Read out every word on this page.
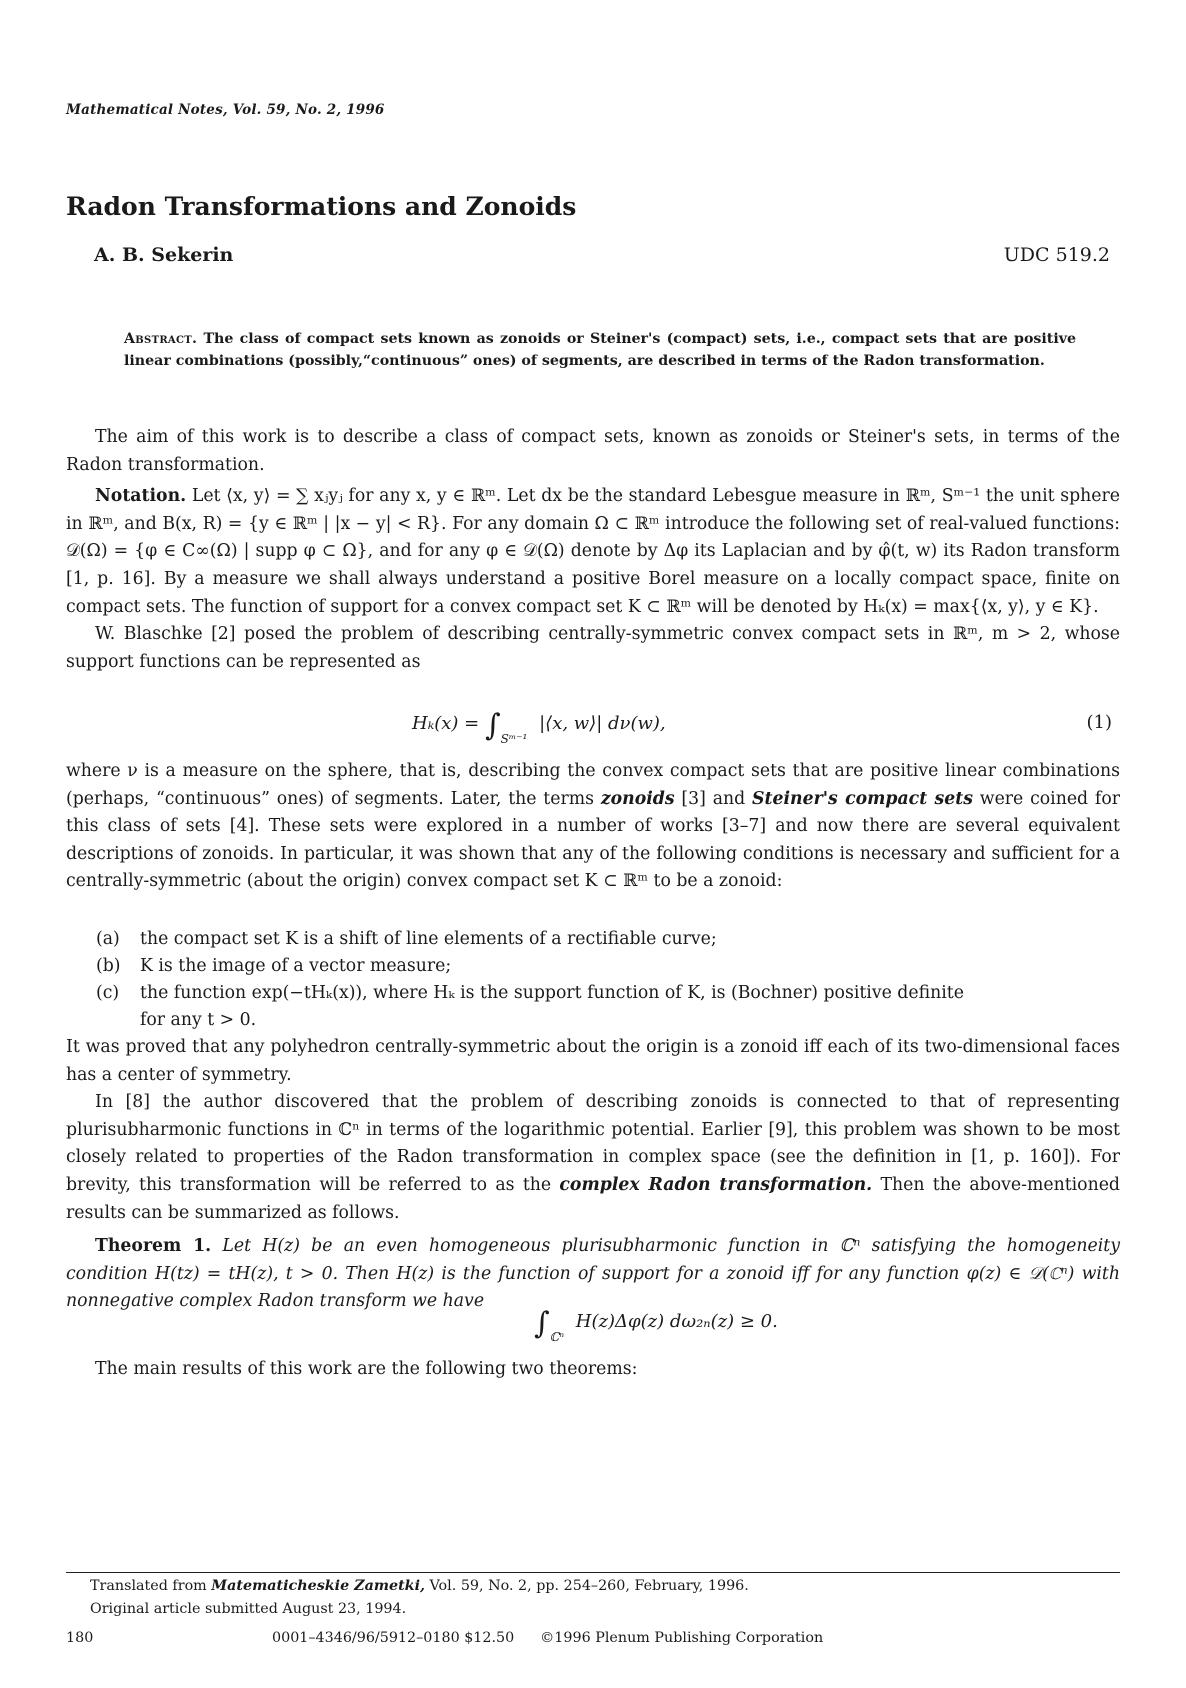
Mathematical Notes, Vol. 59, No. 2, 1996
Radon Transformations and Zonoids
A. B. Sekerin	UDC 519.2
Abstract. The class of compact sets known as zonoids or Steiner's (compact) sets, i.e., compact sets that are positive linear combinations (possibly,“continuous” ones) of segments, are described in terms of the Radon transformation.

The aim of this work is to describe a class of compact sets, known as zonoids or Steiner's sets, in terms of the Radon transformation.

Notation. Let ⟨x, y⟩ = ∑ xⱼyⱼ for any x, y ∈ ℝᵐ. Let dx be the standard Lebesgue measure in ℝᵐ, Sᵐ⁻¹ the unit sphere in ℝᵐ, and B(x, R) = {y ∈ ℝᵐ | |x − y| < R}. For any domain Ω ⊂ ℝᵐ introduce the following set of real-valued functions: 𝒟(Ω) = {φ ∈ C∞(Ω) | supp φ ⊂ Ω}, and for any φ ∈ 𝒟(Ω) denote by Δφ its Laplacian and by φ̂(t, w) its Radon transform [1, p. 16]. By a measure we shall always understand a positive Borel measure on a locally compact space, finite on compact sets. The function of support for a convex compact set K ⊂ ℝᵐ will be denoted by Hₖ(x) = max{⟨x, y⟩, y ∈ K}.

W. Blaschke [2] posed the problem of describing centrally-symmetric convex compact sets in ℝᵐ, m > 2, whose support functions can be represented as

$H_k(x) = \int_{Sᵐ^{-1}}$ |⟨x, w⟩| dν(w),	(1)

where ν is a measure on the sphere, that is, describing the convex compact sets that are positive linear combinations (perhaps, “continuous” ones) of segments. Later, the terms zonoids [3] and Steiner's compact sets were coined for this class of sets [4]. These sets were explored in a number of works [3–7] and now there are several equivalent descriptions of zonoids. In particular, it was shown that any of the following conditions is necessary and sufficient for a centrally-symmetric (about the origin) convex compact set K ⊂ ℝᵐ to be a zonoid:

(a) the compact set K is a shift of line elements of a rectifiable curve;
(b) K is the image of a vector measure;
(c) the function exp(−tHₖ(x)), where Hₖ is the support function of K, is (Bochner) positive definite
for any t > 0.

It was proved that any polyhedron centrally-symmetric about the origin is a zonoid iff each of its two-dimensional faces has a center of symmetry.

In [8] the author discovered that the problem of describing zonoids is connected to that of representing plurisubharmonic functions in ℂⁿ in terms of the logarithmic potential. Earlier [9], this problem was shown to be most closely related to properties of the Radon transformation in complex space (see the definition in [1, p. 160]). For brevity, this transformation will be referred to as the complex Radon transformation. Then the above-mentioned results can be summarized as follows.

Theorem 1. Let H(z) be an even homogeneous plurisubharmonic function in ℂⁿ satisfying the homogeneity condition H(tz) = tH(z), t > 0. Then H(z) is the function of support for a zonoid iff for any function φ(z) ∈ 𝒟(ℂⁿ) with nonnegative complex Radon transform we have

$\int_{ℂ^n}$ H(z)Δφ(z) dω₂ₙ(z) ≥ 0.

The main results of this work are the following two theorems:

Translated from Matematicheskie Zametki, Vol. 59, No. 2, pp. 254–260, February, 1996.
Original article submitted August 23, 1994.
180	0001–4346/96/5912–0180 $12.50 ©1996 Plenum Publishing Corporation
